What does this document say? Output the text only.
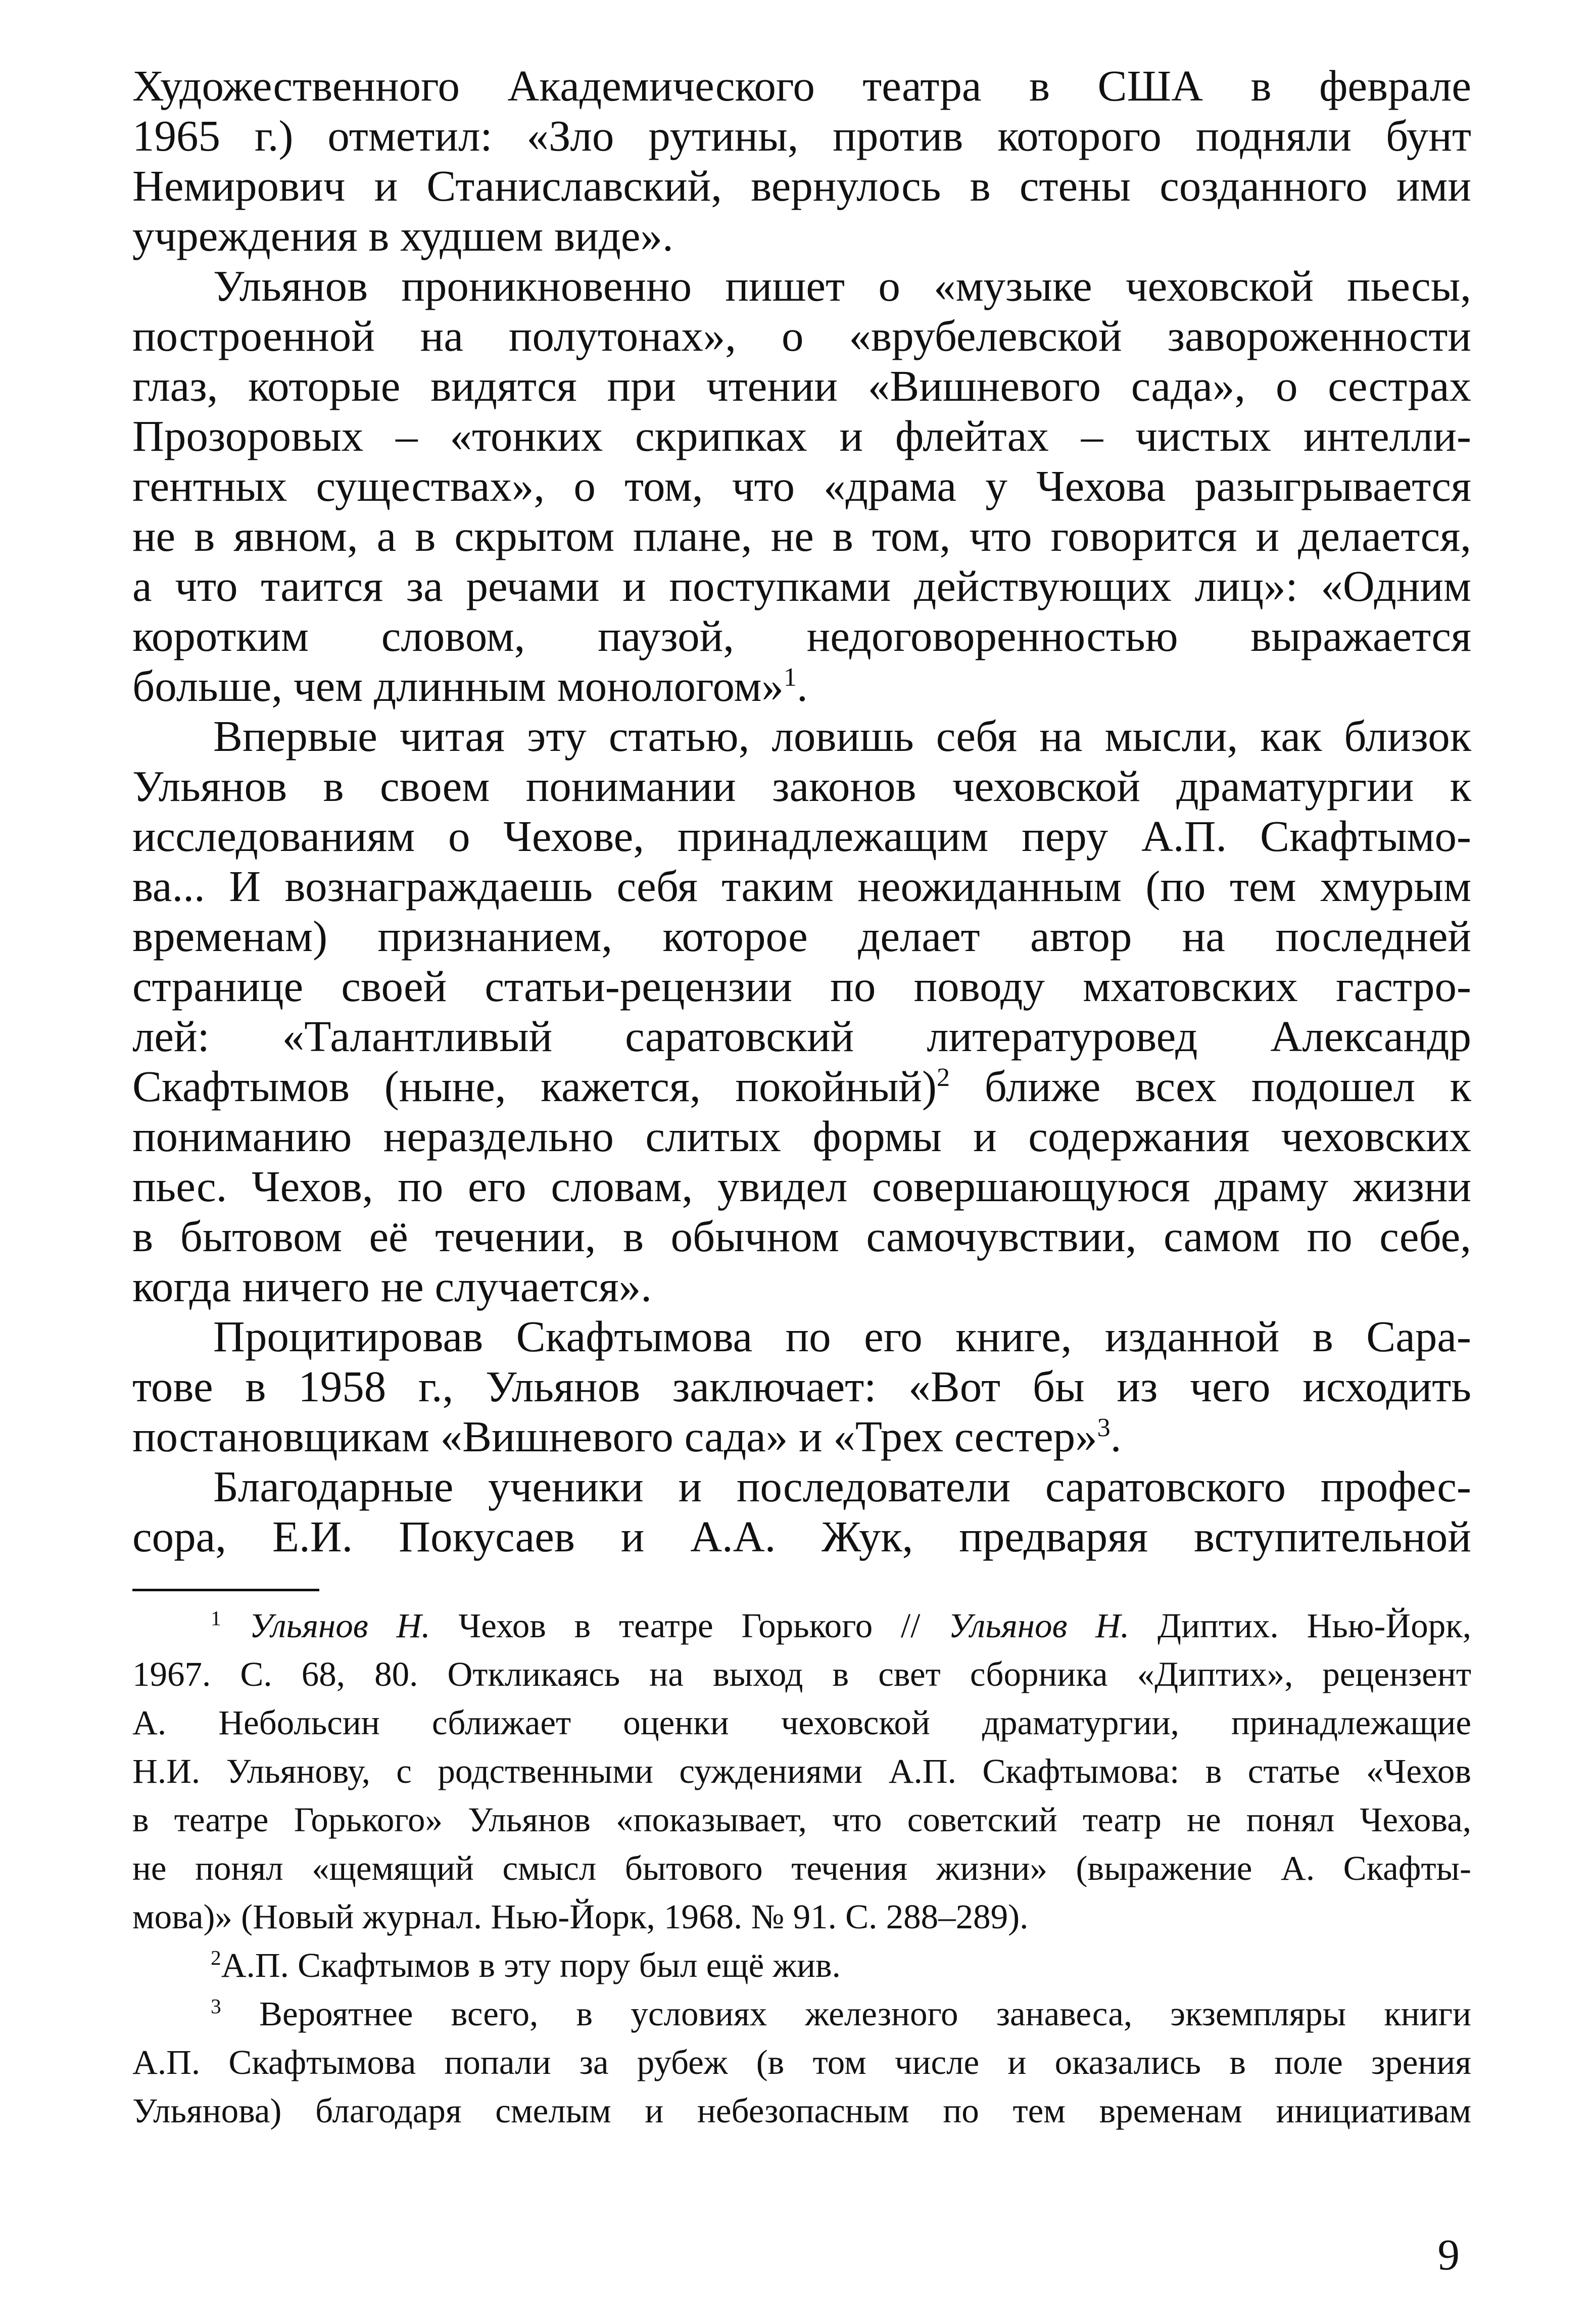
Художественного Академического театра в США в феврале
1965 г.) отметил: «Зло рутины, против которого подняли бунт
Немирович и Станиславский, вернулось в стены созданного ими
учреждения в худшем виде».

Ульянов проникновенно пишет о «музыке чеховской пьесы,
построенной на полутонах», о «врубелевской завороженности
глаз, которые видятся при чтении «Вишневого сада», о сестрах
Прозоровых – «тонких скрипках и флейтах – чистых интелли-
гентных существах», о том, что «драма у Чехова разыгрывается
не в явном, а в скрытом плане, не в том, что говорится и делается,
а что таится за речами и поступками действующих лиц»: «Одним
коротким словом, паузой, недоговоренностью выражается
больше, чем длинным монологом»$^1$.

Впервые читая эту статью, ловишь себя на мысли, как близок
Ульянов в своем понимании законов чеховской драматургии к
исследованиям о Чехове, принадлежащим перу А.П. Скафтымо-
ва... И вознаграждаешь себя таким неожиданным (по тем хмурым
временам) признанием, которое делает автор на последней
странице своей статьи-рецензии по поводу мхатовских гастро-
лей: «Талантливый саратовский литературовед Александр
Скафтымов (ныне, кажется, покойный)$^2$ ближе всех подошел к
пониманию нераздельно слитых формы и содержания чеховских
пьес. Чехов, по его словам, увидел совершающуюся драму жизни
в бытовом её течении, в обычном самочувствии, самом по себе,
когда ничего не случается».

Процитировав Скафтымова по его книге, изданной в Сара-
тове в 1958 г., Ульянов заключает: «Вот бы из чего исходить
постановщикам «Вишневого сада» и «Трех сестер»$^3$.

Благодарные ученики и последователи саратовского профес-
сора, Е.И. Покусаев и А.А. Жук, предваряя вступительной

$^1$ Ульянов Н. Чехов в театре Горького // Ульянов Н. Диптих. Нью-Йорк,
1967. С. 68, 80. Откликаясь на выход в свет сборника «Диптих», рецензент
А. Небольсин сближает оценки чеховской драматургии, принадлежащие
Н.И. Ульянову, с родственными суждениями А.П. Скафтымова: в статье «Чехов
в театре Горького» Ульянов «показывает, что советский театр не понял Чехова,
не понял «щемящий смысл бытового течения жизни» (выражение А. Скафты-
мова)» (Новый журнал. Нью-Йорк, 1968. № 91. С. 288–289).

$^2$А.П. Скафтымов в эту пору был ещё жив.

$^3$ Вероятнее всего, в условиях железного занавеса, экземпляры книги
А.П. Скафтымова попали за рубеж (в том числе и оказались в поле зрения
Ульянова) благодаря смелым и небезопасным по тем временам инициативам

9
